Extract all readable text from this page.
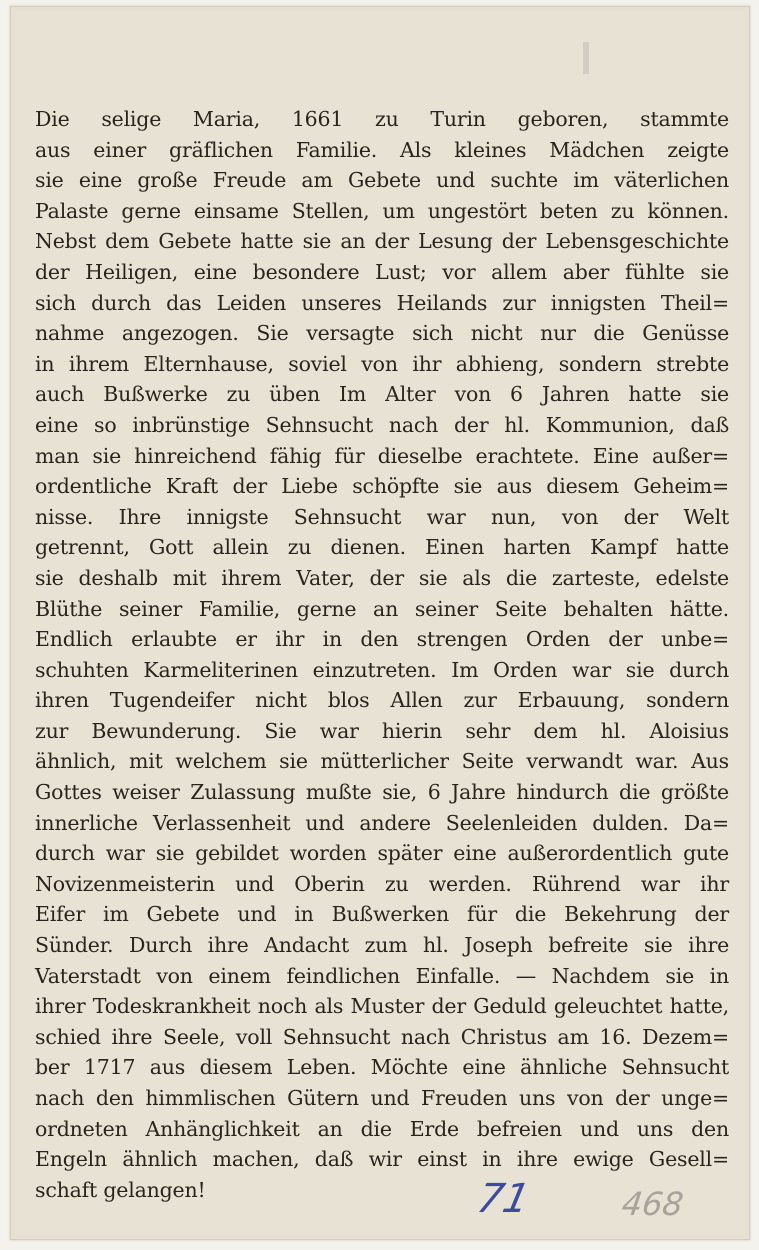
Die selige Maria, 1661 zu Turin geboren, stammte
aus einer gräflichen Familie. Als kleines Mädchen zeigte
sie eine große Freude am Gebete und suchte im väterlichen
Palaste gerne einsame Stellen, um ungestört beten zu können.
Nebst dem Gebete hatte sie an der Lesung der Lebensgeschichte
der Heiligen, eine besondere Lust; vor allem aber fühlte sie
sich durch das Leiden unseres Heilands zur innigsten Theil=
nahme angezogen. Sie versagte sich nicht nur die Genüsse
in ihrem Elternhause, soviel von ihr abhieng, sondern strebte
auch Bußwerke zu üben Im Alter von 6 Jahren hatte sie
eine so inbrünstige Sehnsucht nach der hl. Kommunion, daß
man sie hinreichend fähig für dieselbe erachtete. Eine außer=
ordentliche Kraft der Liebe schöpfte sie aus diesem Geheim=
nisse. Ihre innigste Sehnsucht war nun, von der Welt
getrennt, Gott allein zu dienen. Einen harten Kampf hatte
sie deshalb mit ihrem Vater, der sie als die zarteste, edelste
Blüthe seiner Familie, gerne an seiner Seite behalten hätte.
Endlich erlaubte er ihr in den strengen Orden der unbe=
schuhten Karmeliterinen einzutreten. Im Orden war sie durch
ihren Tugendeifer nicht blos Allen zur Erbauung, sondern
zur Bewunderung. Sie war hierin sehr dem hl. Aloisius
ähnlich, mit welchem sie mütterlicher Seite verwandt war. Aus
Gottes weiser Zulassung mußte sie, 6 Jahre hindurch die größte
innerliche Verlassenheit und andere Seelenleiden dulden. Da=
durch war sie gebildet worden später eine außerordentlich gute
Novizenmeisterin und Oberin zu werden. Rührend war ihr
Eifer im Gebete und in Bußwerken für die Bekehrung der
Sünder. Durch ihre Andacht zum hl. Joseph befreite sie ihre
Vaterstadt von einem feindlichen Einfalle. — Nachdem sie in
ihrer Todeskrankheit noch als Muster der Geduld geleuchtet hatte,
schied ihre Seele, voll Sehnsucht nach Christus am 16. Dezem=
ber 1717 aus diesem Leben. Möchte eine ähnliche Sehnsucht
nach den himmlischen Gütern und Freuden uns von der unge=
ordneten Anhänglichkeit an die Erde befreien und uns den
Engeln ähnlich machen, daß wir einst in ihre ewige Gesell=
schaft gelangen!	71	468
